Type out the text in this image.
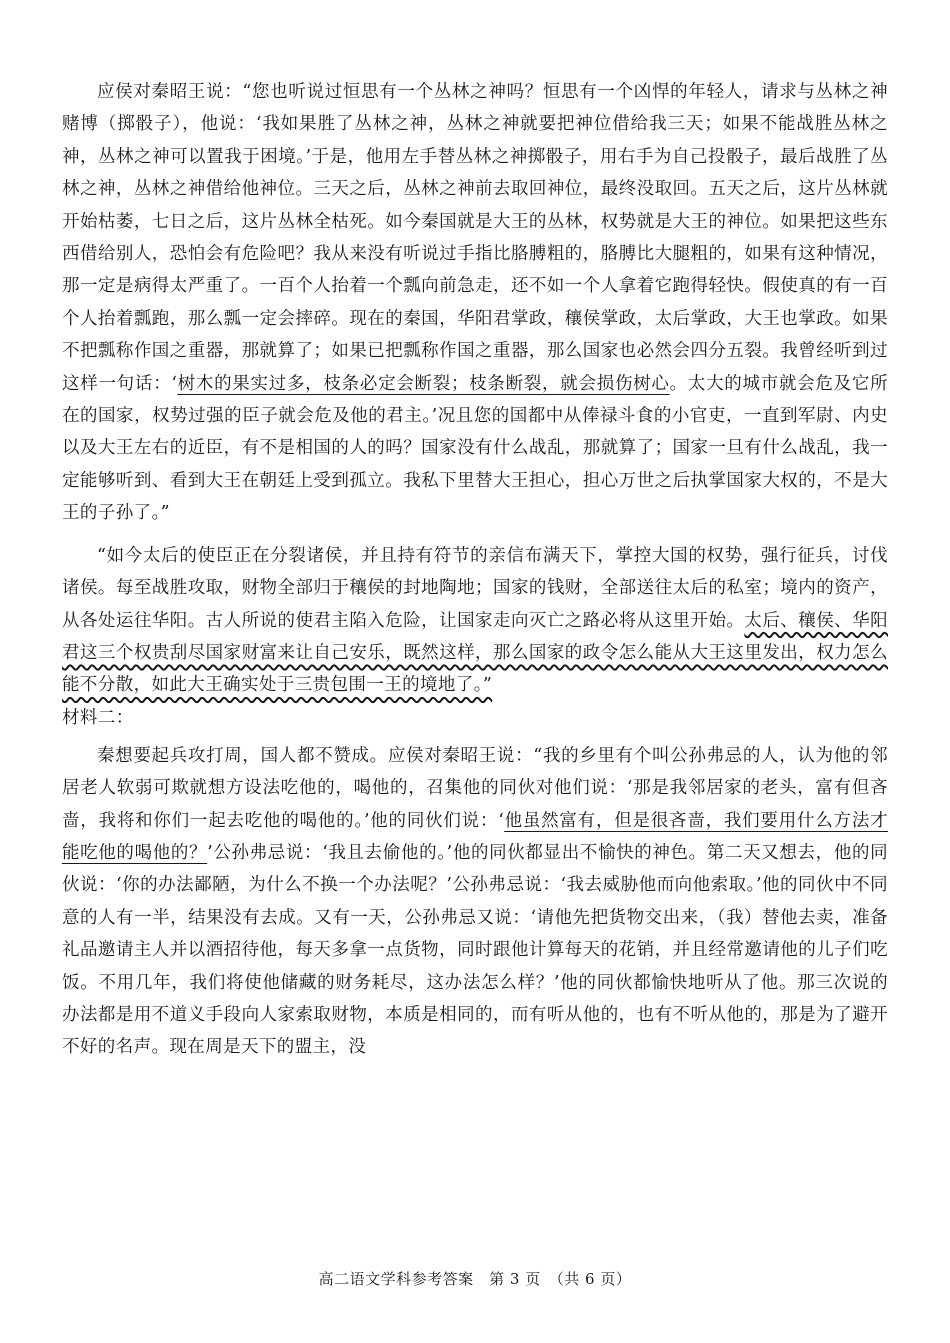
应侯对秦昭王说：“您也听说过恒思有一个丛林之神吗？恒思有一个凶悍的年轻人，请求与丛林之神赌博（掷骰子），他说：‘我如果胜了丛林之神，丛林之神就要把神位借给我三天；如果不能战胜丛林之神，丛林之神可以置我于困境。’于是，他用左手替丛林之神掷骰子，用右手为自己投骰子，最后战胜了丛林之神，丛林之神借给他神位。三天之后，丛林之神前去取回神位，最终没取回。五天之后，这片丛林就开始枯萎，七日之后，这片丛林全枯死。如今秦国就是大王的丛林，权势就是大王的神位。如果把这些东西借给别人，恐怕会有危险吧？我从来没有听说过手指比胳膊粗的，胳膊比大腿粗的，如果有这种情况，那一定是病得太严重了。一百个人抬着一个瓢向前急走，还不如一个人拿着它跑得轻快。假使真的有一百个人抬着瓢跑，那么瓢一定会摔碎。现在的秦国，华阳君掌政，穰侯掌政，太后掌政，大王也掌政。如果不把瓢称作国之重器，那就算了；如果已把瓢称作国之重器，那么国家也必然会四分五裂。我曾经听到过这样一句话：‘树木的果实过多，枝条必定会断裂；枝条断裂，就会损伤树心。太大的城市就会危及它所在的国家，权势过强的臣子就会危及他的君主。’况且您的国都中从俸禄斗食的小官吏，一直到军尉、内史以及大王左右的近臣，有不是相国的人的吗？国家没有什么战乱，那就算了；国家一旦有什么战乱，我一定能够听到、看到大王在朝廷上受到孤立。我私下里替大王担心，担心万世之后执掌国家大权的，不是大王的子孙了。”

“如今太后的使臣正在分裂诸侯，并且持有符节的亲信布满天下，掌控大国的权势，强行征兵，讨伐诸侯。每至战胜攻取，财物全部归于穰侯的封地陶地；国家的钱财，全部送往太后的私室；境内的资产，从各处运往华阳。古人所说的使君主陷入危险，让国家走向灭亡之路必将从这里开始。太后、穰侯、华阳君这三个权贵刮尽国家财富来让自己安乐，既然这样，那么国家的政令怎么能从大王这里发出，权力怎么能不分散，如此大王确实处于三贵包围一王的境地了。”

材料二：

秦想要起兵攻打周，国人都不赞成。应侯对秦昭王说：“我的乡里有个叫公孙弗忌的人，认为他的邻居老人软弱可欺就想方设法吃他的，喝他的，召集他的同伙对他们说：‘那是我邻居家的老头，富有但吝啬，我将和你们一起去吃他的喝他的。’他的同伙们说：‘他虽然富有，但是很吝啬，我们要用什么方法才能吃他的喝他的？’公孙弗忌说：‘我且去偷他的。’他的同伙都显出不愉快的神色。第二天又想去，他的同伙说：‘你的办法鄙陋，为什么不换一个办法呢？’公孙弗忌说：‘我去威胁他而向他索取。’他的同伙中不同意的人有一半，结果没有去成。又有一天，公孙弗忌又说：‘请他先把货物交出来，（我）替他去卖，准备礼品邀请主人并以酒招待他，每天多拿一点货物，同时跟他计算每天的花销，并且经常邀请他的儿子们吃饭。不用几年，我们将使他储藏的财务耗尽，这办法怎么样？’他的同伙都愉快地听从了他。那三次说的办法都是用不道义手段向人家索取财物，本质是相同的，而有听从他的，也有不听从他的，那是为了避开不好的名声。现在周是天下的盟主，没

高二语文学科参考答案　第 3 页　（共 6 页）
